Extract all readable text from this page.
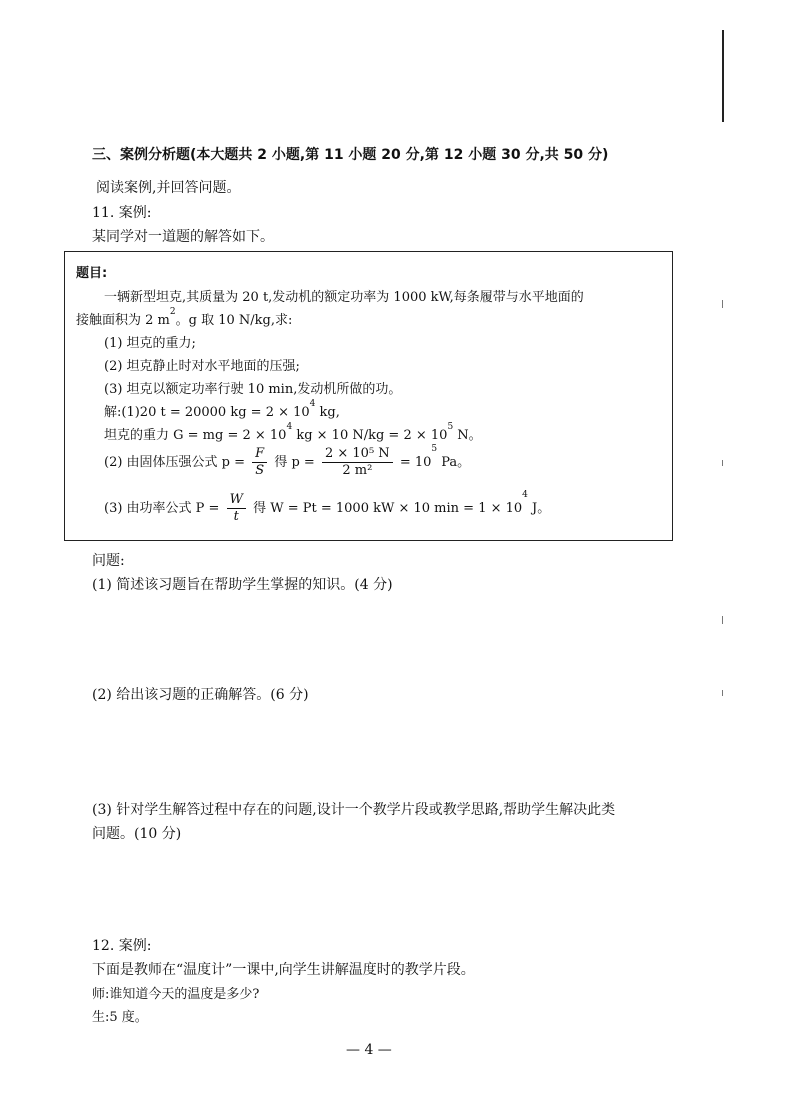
三、案例分析题(本大题共 2 小题,第 11 小题 20 分,第 12 小题 30 分,共 50 分)
阅读案例,并回答问题。
11. 案例:
某同学对一道题的解答如下。
题目:
一辆新型坦克,其质量为 20 t,发动机的额定功率为 1000 kW,每条履带与水平地面的
接触面积为 2 $m^2$。g 取 10 N/kg,求:
(1) 坦克的重力;
(2) 坦克静止时对水平地面的压强;
(3) 坦克以额定功率行驶 10 min,发动机所做的功。
解:(1)20 t = 20000 kg = $2 \times 10^4$ kg,
坦克的重力 G = mg = $2 \times 10^4$ kg × 10 $N/kg = 2 \times 10^5$ N。
(2) 由固体压强公式 $p = \frac{F}{S}$ 得 $p = \frac{\text{2 × 10⁵ N}}{\text{2 m²}} = 10^5$ Pa。
(3) 由功率公式 $P = \frac{W}{t}$ 得 W = Pt = 1000 kW × 10 $\min = 1 \times 10^4$ J。
问题:
(1) 简述该习题旨在帮助学生掌握的知识。(4 分)
(2) 给出该习题的正确解答。(6 分)
(3) 针对学生解答过程中存在的问题,设计一个教学片段或教学思路,帮助学生解决此类
问题。(10 分)
12. 案例:
下面是教师在“温度计”一课中,向学生讲解温度时的教学片段。
师:谁知道今天的温度是多少?
生:5 度。
— 4 —
